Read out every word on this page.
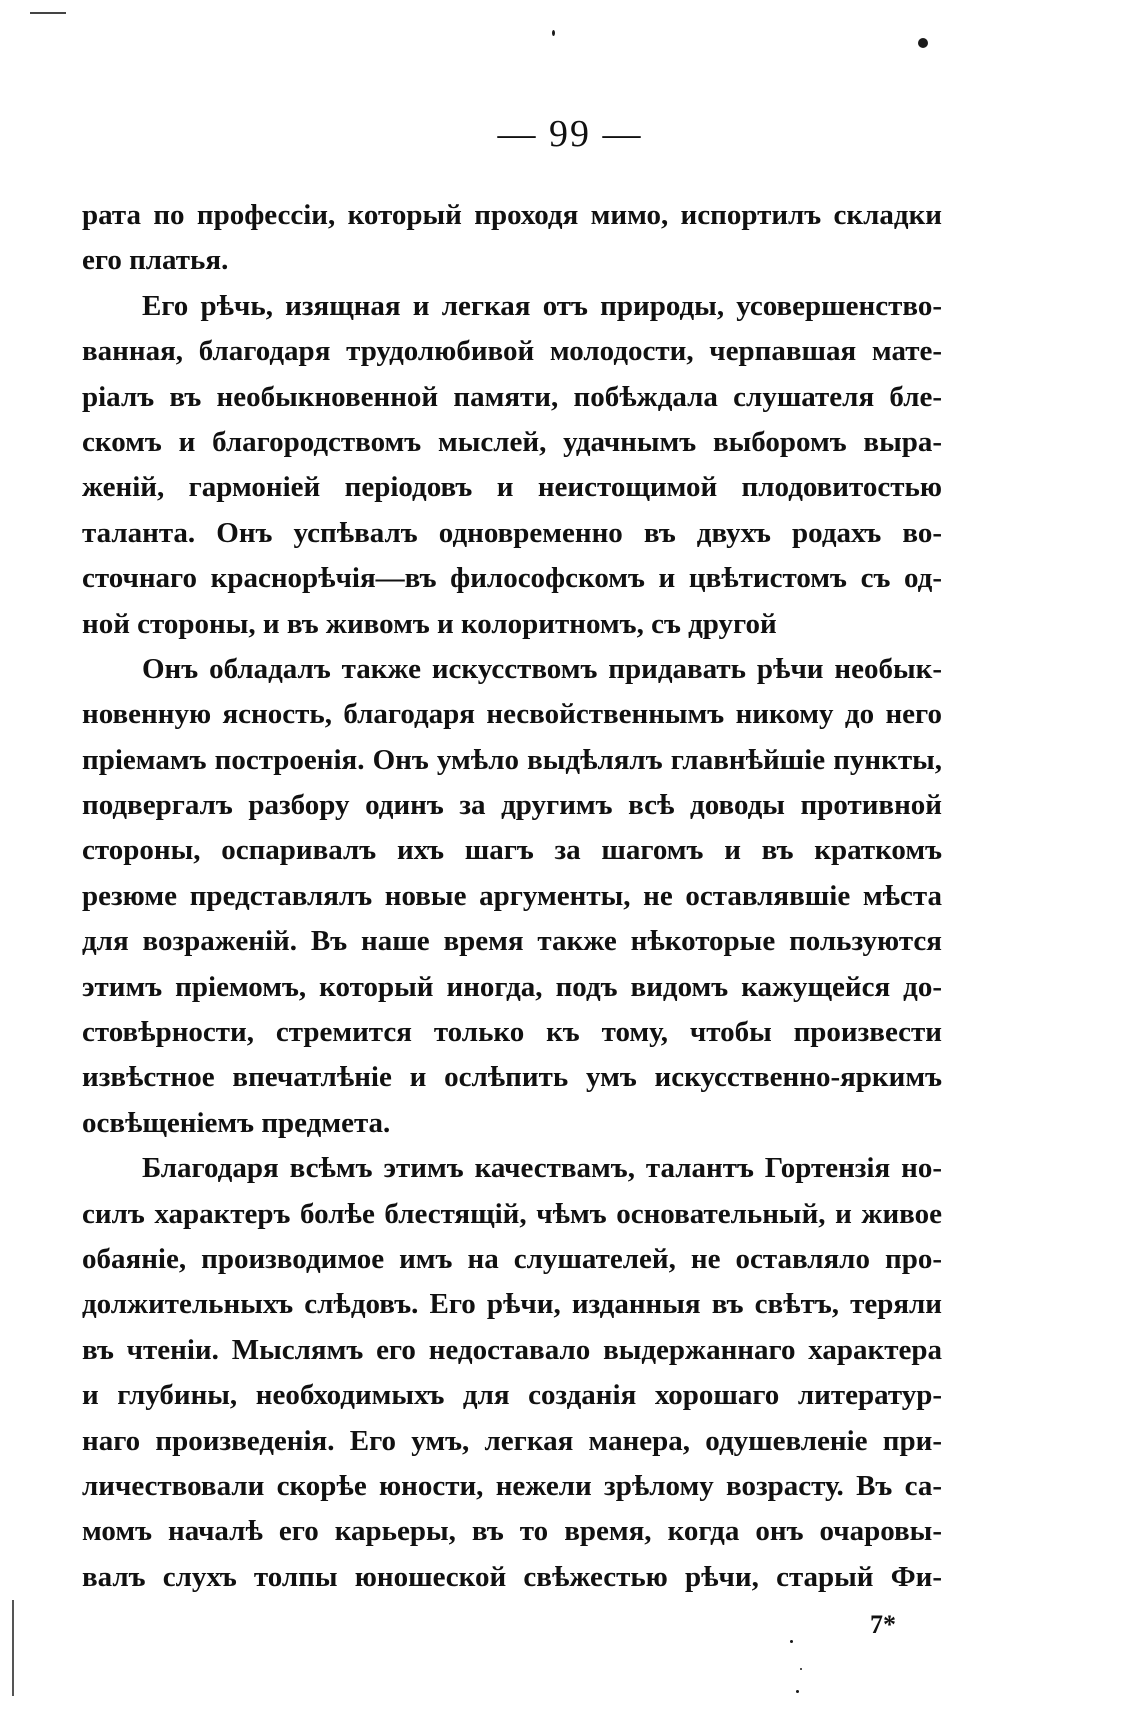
— 99 —
рата по профессіи, который проходя мимо, испортилъ складки
его платья.
Его рѣчь, изящная и легкая отъ природы, усовершенство-
ванная, благодаря трудолюбивой молодости, черпавшая мате-
ріалъ въ необыкновенной памяти, побѣждала слушателя бле-
скомъ и благородствомъ мыслей, удачнымъ выборомъ выра-
женій, гармоніей періодовъ и неистощимой плодовитостью
таланта. Онъ успѣвалъ одновременно въ двухъ родахъ во-
сточнаго краснорѣчія—въ философскомъ и цвѣтистомъ съ од-
ной стороны, и въ живомъ и колоритномъ, съ другой
Онъ обладалъ также искусствомъ придавать рѣчи необык-
новенную ясность, благодаря несвойственнымъ никому до него
пріемамъ построенія. Онъ умѣло выдѣлялъ главнѣйшіе пункты,
подвергалъ разбору одинъ за другимъ всѣ доводы противной
стороны, оспаривалъ ихъ шагъ за шагомъ и въ краткомъ
резюме представлялъ новые аргументы, не оставлявшіе мѣста
для возраженій. Въ наше время также нѣкоторые пользуются
этимъ пріемомъ, который иногда, подъ видомъ кажущейся до-
стовѣрности, стремится только къ тому, чтобы произвести
извѣстное впечатлѣніе и ослѣпить умъ искусственно-яркимъ
освѣщеніемъ предмета.
Благодаря всѣмъ этимъ качествамъ, талантъ Гортензія но-
силъ характеръ болѣе блестящій, чѣмъ основательный, и живое
обаяніе, производимое имъ на слушателей, не оставляло про-
должительныхъ слѣдовъ. Его рѣчи, изданныя въ свѣтъ, теряли
въ чтеніи. Мыслямъ его недоставало выдержаннаго характера
и глубины, необходимыхъ для созданія хорошаго литератур-
наго произведенія. Его умъ, легкая манера, одушевленіе при-
личествовали скорѣе юности, нежели зрѣлому возрасту. Въ са-
момъ началѣ его карьеры, въ то время, когда онъ очаровы-
валъ слухъ толпы юношеской свѣжестью рѣчи, старый Фи-
7*
